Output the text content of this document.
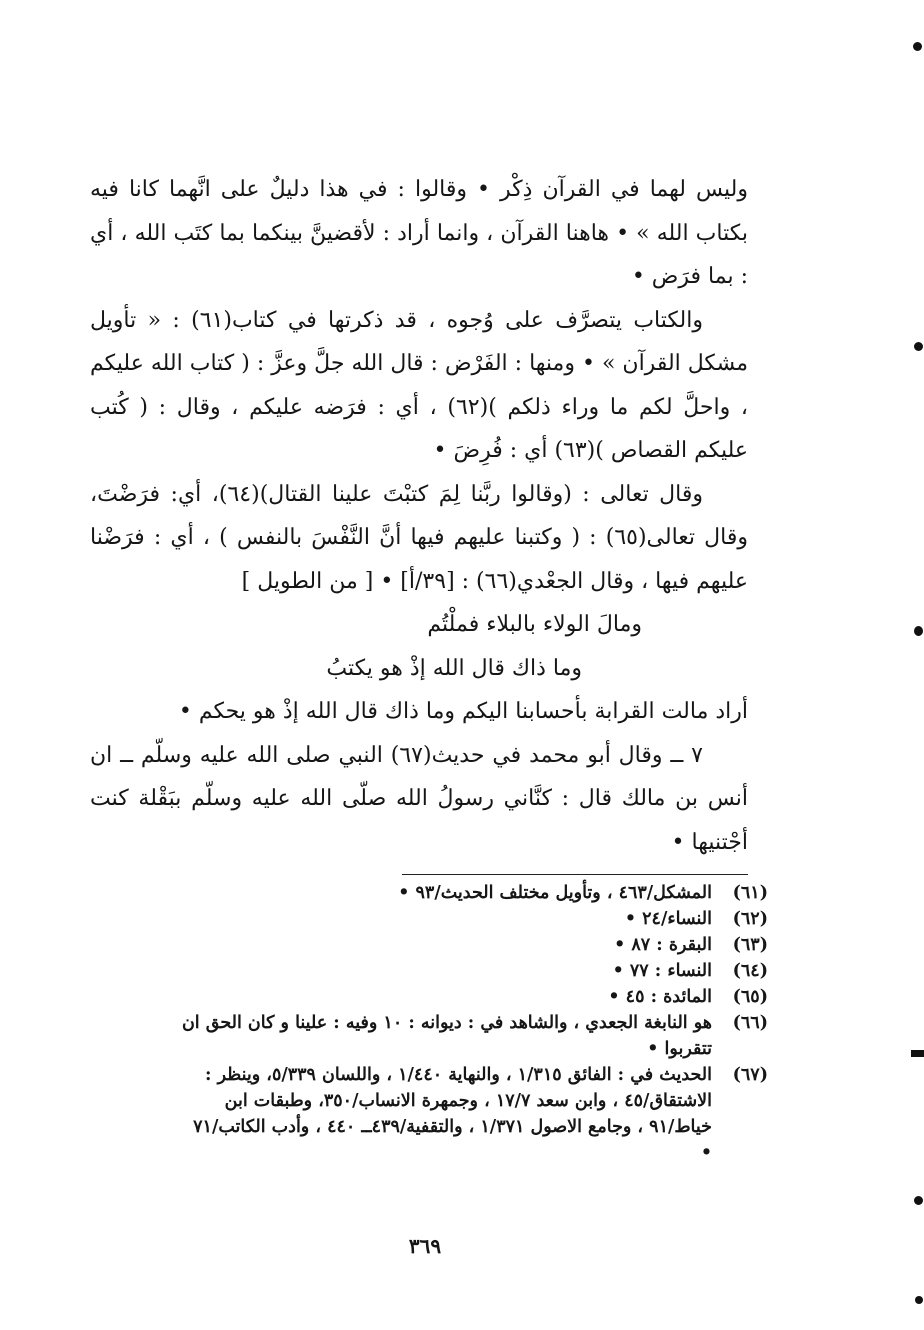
وليس لهما في القرآن ذِكْر • وقالوا : في هذا دليلٌ على انَّهما كانا فيه بكتاب الله » • هاهنا القرآن ، وانما أراد : لأقضينَّ بينكما بما كتَب الله ، أي : بما فرَض •

والكتاب يتصرَّف على وُجوه ، قد ذكرتها في كتاب(٦١) : « تأويل مشكل القرآن » • ومنها : الفَرْض : قال الله جلَّ وعزَّ : ( كتاب الله عليكم ، واحلَّ لكم ما وراء ذلكم )(٦٢) ، أي : فرَضه عليكم ، وقال : ( كُتب عليكم القصاص )(٦٣) أي : فُرِضَ •

وقال تعالى : (وقالوا ربَّنا لِمَ كتبْتَ علينا القتال)(٦٤)، أي: فرَضْتَ، وقال تعالى(٦٥) : ( وكتبنا عليهم فيها أنَّ النَّفْسَ بالنفس ) ، أي : فرَضْنا عليهم فيها ، وقال الجعْدي(٦٦) : [٣٩/أ] • [ من الطويل ]

ومالَ الولاء بالبلاء فملْتُم
وما ذاك قال الله إذْ هو يكتبُ

أراد مالت القرابة بأحسابنا اليكم وما ذاك قال الله إذْ هو يحكم •

٧ ــ وقال أبو محمد في حديث(٦٧) النبي صلى الله عليه وسلّم ــ ان أنس بن مالك قال : كنَّاني رسولُ الله صلّى الله عليه وسلّم ببَقْلة كنت أجْتنيها •

(٦١)
المشكل/٤٦٣ ، وتأويل مختلف الحديث/٩٣ •
(٦٢)
النساء/٢٤ •
(٦٣)
البقرة : ٨٧ •
(٦٤)
النساء : ٧٧ •
(٦٥)
المائدة : ٤٥ •
(٦٦)
هو النابغة الجعدي ، والشاهد في : ديوانه : ١٠ وفيه : علينا و كان الحق ان تتقربوا •
(٦٧)
الحديث في : الفائق ١/٣١٥ ، والنهاية ١/٤٤٠ ، واللسان ٥/٣٣٩، وينظر : الاشتقاق/٤٥ ، وابن سعد ١٧/٧ ، وجمهرة الانساب/٣٥٠، وطبقات ابن خياط/٩١ ، وجامع الاصول ١/٣٧١ ، والتقفية/٤٣٩ــ ٤٤٠ ، وأدب الكاتب/٧١ •
٣٦٩
